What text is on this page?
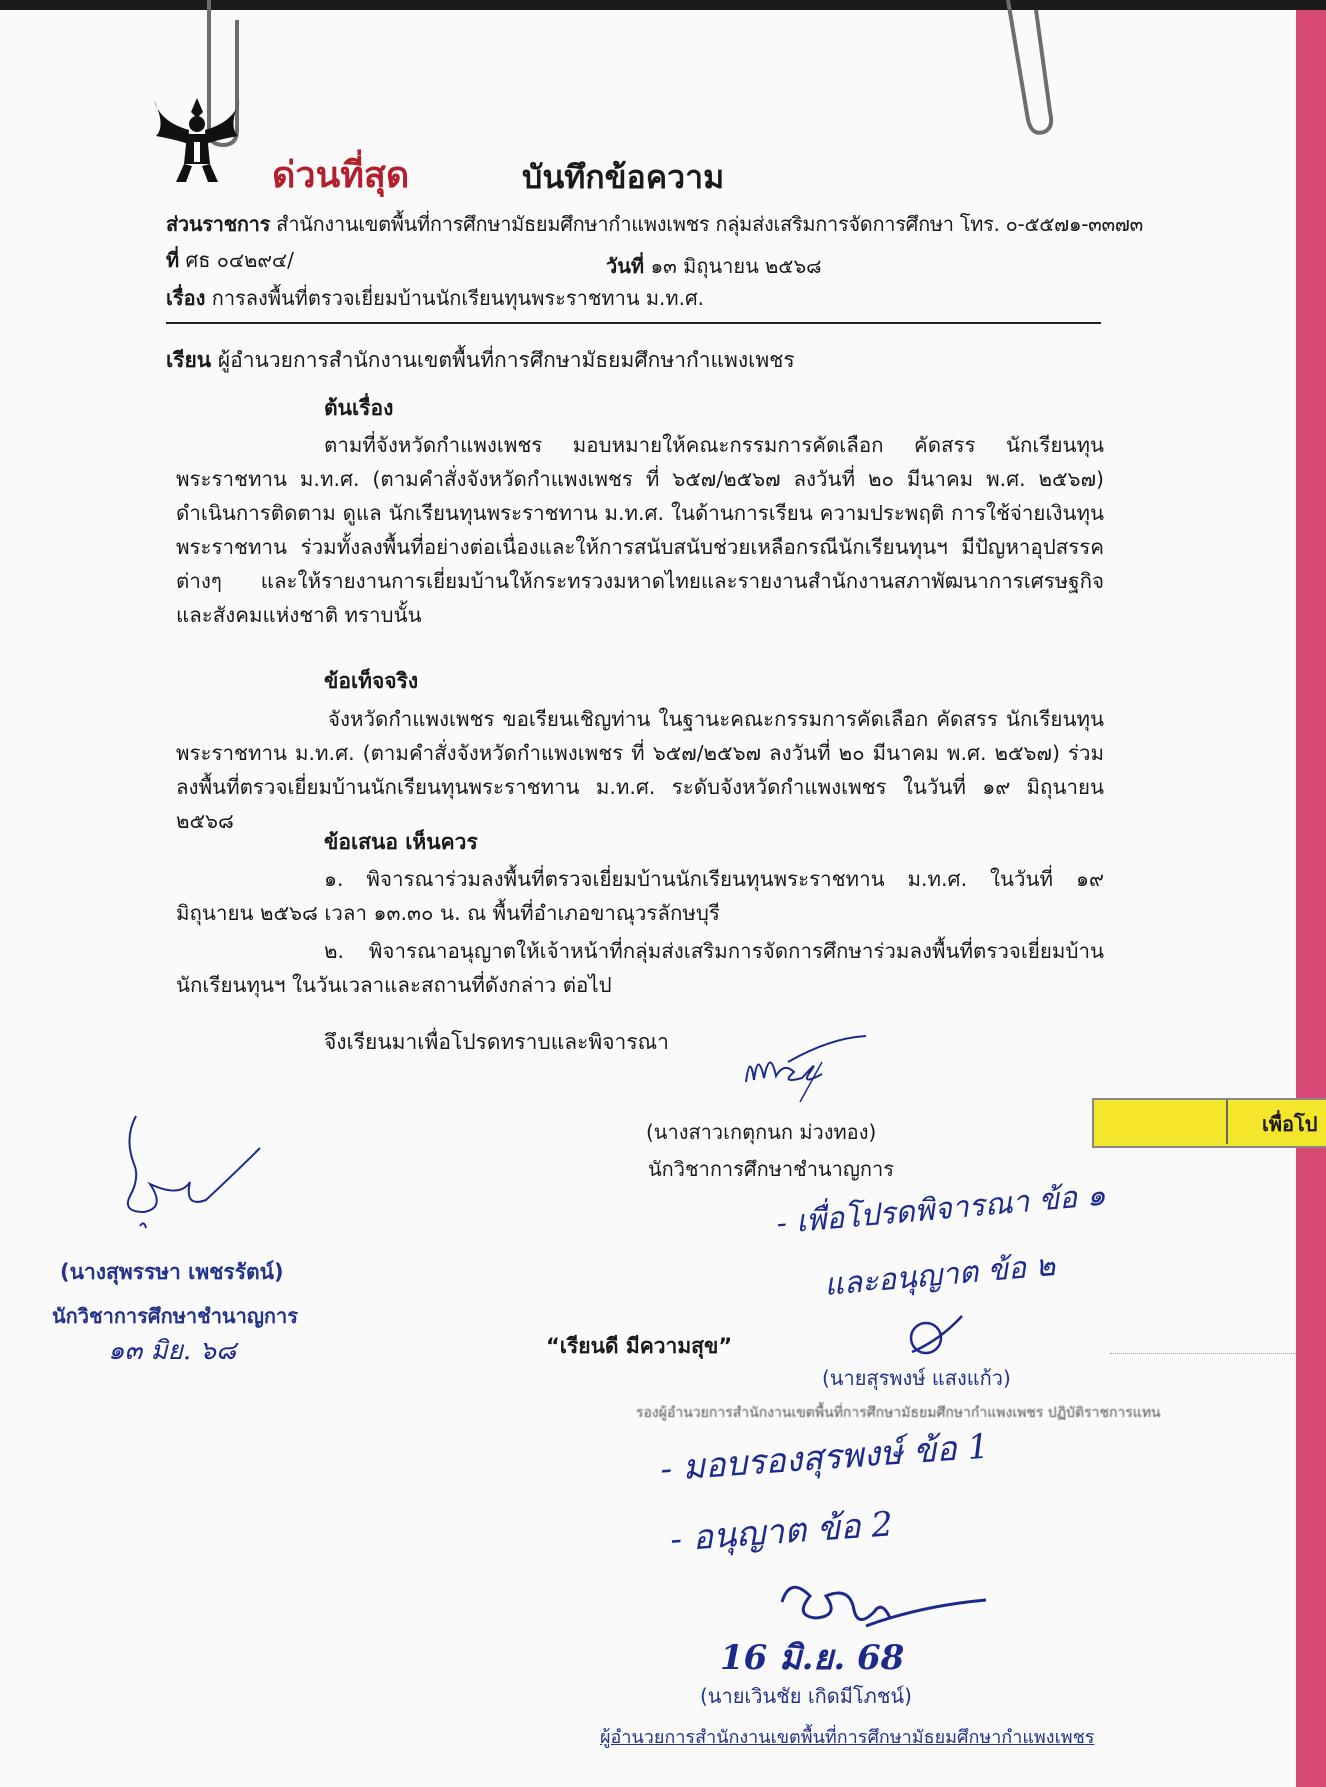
ด่วนที่สุด	บันทึกข้อความ
ส่วนราชการ สำนักงานเขตพื้นที่การศึกษามัธยมศึกษากำแพงเพชร กลุ่มส่งเสริมการจัดการศึกษา โทร. ๐-๕๕๗๑-๓๓๗๓
ที่ ศธ ๐๔๒๙๔/	วันที่ ๑๓ มิถุนายน ๒๕๖๘
เรื่อง การลงพื้นที่ตรวจเยี่ยมบ้านนักเรียนทุนพระราชทาน ม.ท.ศ.
เรียน ผู้อำนวยการสำนักงานเขตพื้นที่การศึกษามัธยมศึกษากำแพงเพชร
ต้นเรื่อง
ตามที่จังหวัดกำแพงเพชร มอบหมายให้คณะกรรมการคัดเลือก คัดสรร นักเรียนทุนพระราชทาน ม.ท.ศ. (ตามคำสั่งจังหวัดกำแพงเพชร ที่ ๖๕๗/๒๕๖๗ ลงวันที่ ๒๐ มีนาคม พ.ศ. ๒๕๖๗) ดำเนินการติดตาม ดูแล นักเรียนทุนพระราชทาน ม.ท.ศ. ในด้านการเรียน ความประพฤติ การใช้จ่ายเงินทุนพระราชทาน ร่วมทั้งลงพื้นที่อย่างต่อเนื่องและให้การสนับสนับช่วยเหลือกรณีนักเรียนทุนฯ มีปัญหาอุปสรรคต่างๆ และให้รายงานการเยี่ยมบ้านให้กระทรวงมหาดไทยและรายงานสำนักงานสภาพัฒนาการเศรษฐกิจและสังคมแห่งชาติ ทราบนั้น
ข้อเท็จจริง
จังหวัดกำแพงเพชร ขอเรียนเชิญท่าน ในฐานะคณะกรรมการคัดเลือก คัดสรร นักเรียนทุนพระราชทาน ม.ท.ศ. (ตามคำสั่งจังหวัดกำแพงเพชร ที่ ๖๕๗/๒๕๖๗ ลงวันที่ ๒๐ มีนาคม พ.ศ. ๒๕๖๗) ร่วมลงพื้นที่ตรวจเยี่ยมบ้านนักเรียนทุนพระราชทาน ม.ท.ศ. ระดับจังหวัดกำแพงเพชร ในวันที่ ๑๙ มิถุนายน ๒๕๖๘
ข้อเสนอ เห็นควร
๑. พิจารณาร่วมลงพื้นที่ตรวจเยี่ยมบ้านนักเรียนทุนพระราชทาน ม.ท.ศ. ในวันที่ ๑๙ มิถุนายน ๒๕๖๘ เวลา ๑๓.๓๐ น. ณ พื้นที่อำเภอขาณุวรลักษบุรี
๒. พิจารณาอนุญาตให้เจ้าหน้าที่กลุ่มส่งเสริมการจัดการศึกษาร่วมลงพื้นที่ตรวจเยี่ยมบ้านนักเรียนทุนฯ ในวันเวลาและสถานที่ดังกล่าว ต่อไป
จึงเรียนมาเพื่อโปรดทราบและพิจารณา
(นางสาวเกตุกนก ม่วงทอง)
นักวิชาการศึกษาชำนาญการ
เพื่อโป
(นางสุพรรษา เพชรรัตน์)
นักวิชาการศึกษาชำนาญการ
๑๓ มิย. ๖๘
- เพื่อโปรดพิจารณา ข้อ ๑
และอนุญาต ข้อ ๒
“เรียนดี มีความสุข”
(นายสุรพงษ์ แสงแก้ว)
รองผู้อำนวยการสำนักงานเขตพื้นที่การศึกษามัธยมศึกษากำแพงเพชร ปฏิบัติราชการแทน
- มอบรองสุรพงษ์ ข้อ 1
- อนุญาต ข้อ 2
16 มิ.ย. 68
(นายเวินชัย เกิดมีโภชน์)
ผู้อำนวยการสำนักงานเขตพื้นที่การศึกษามัธยมศึกษากำแพงเพชร
